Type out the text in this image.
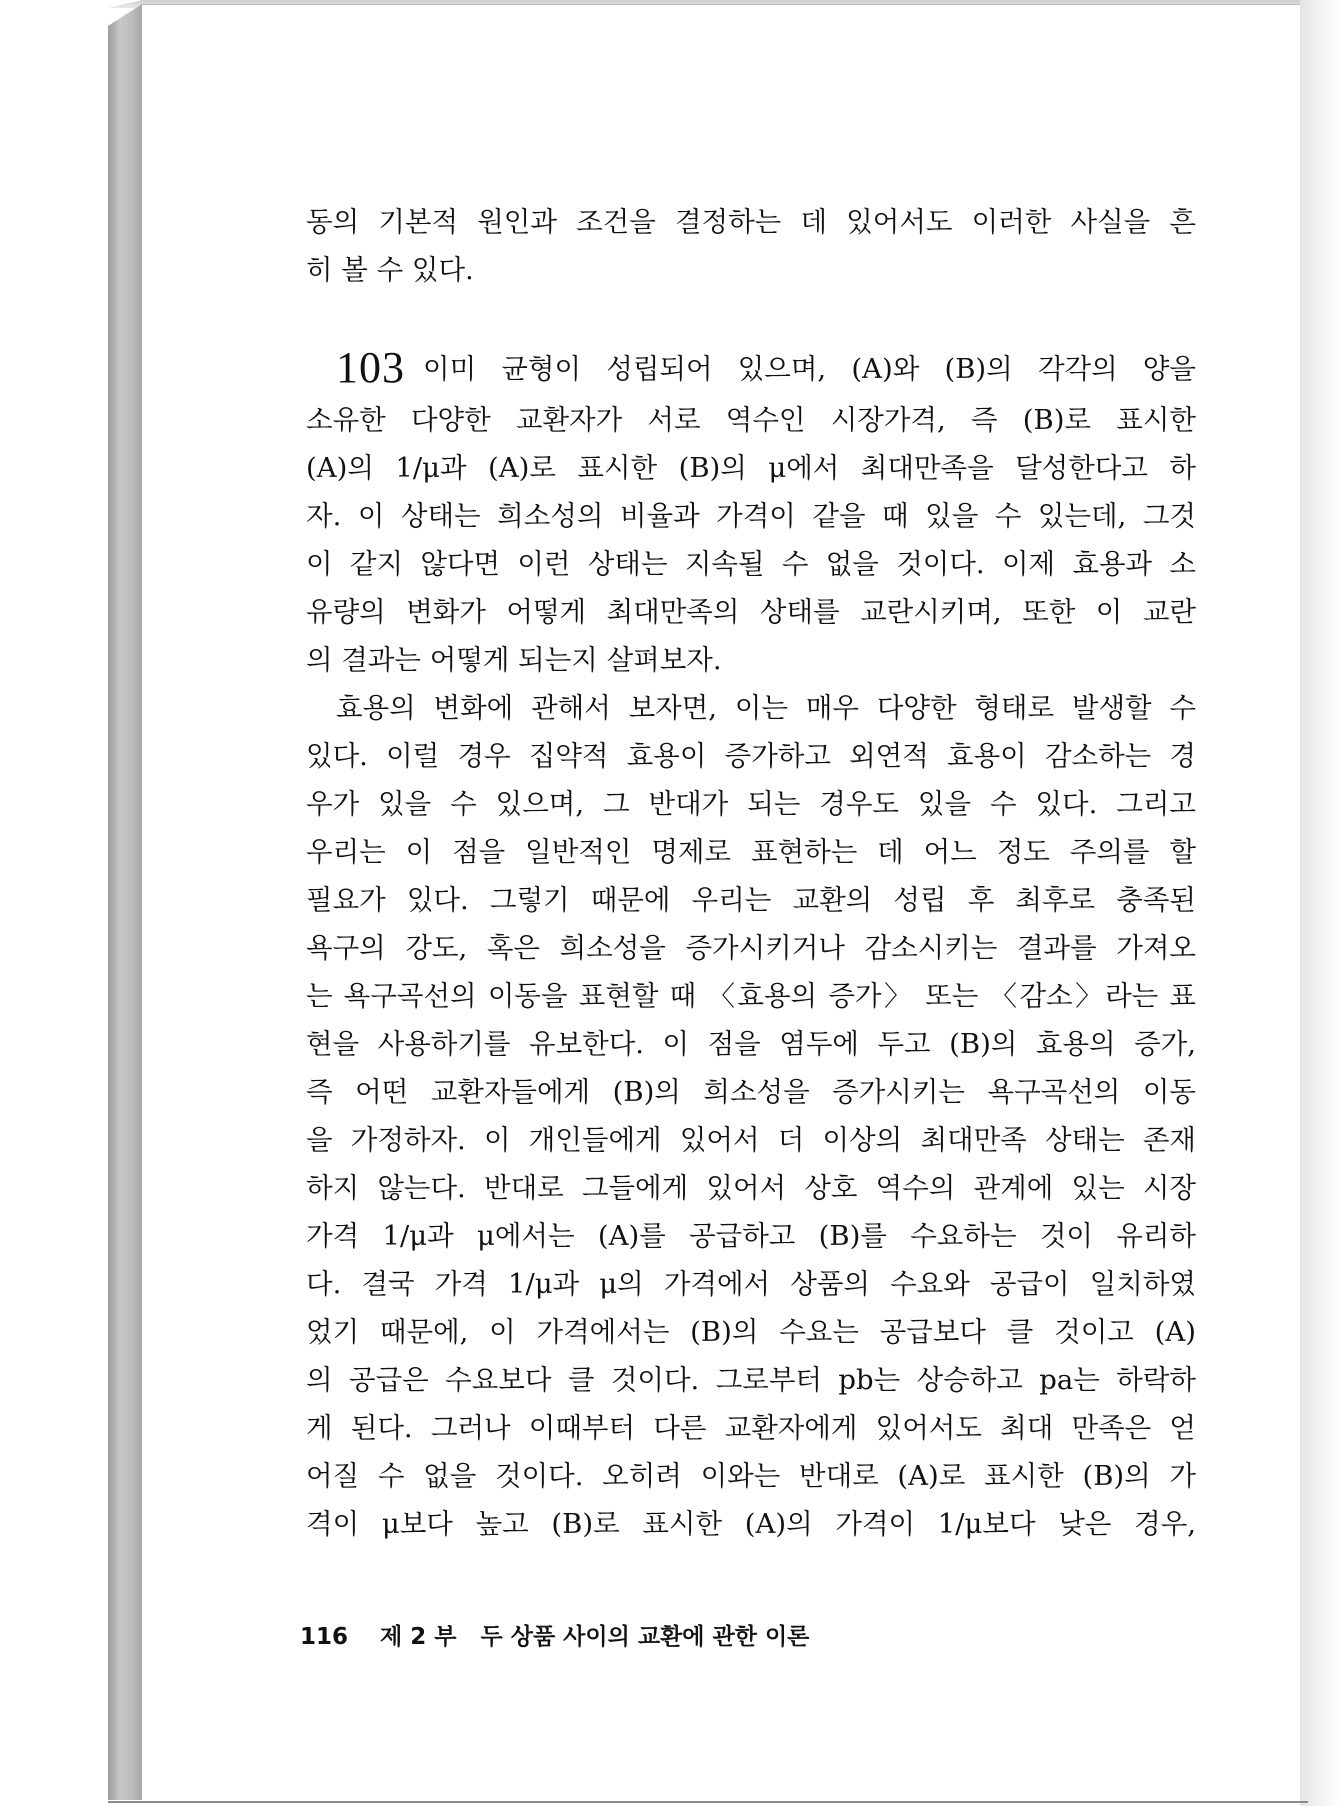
동의 기본적 원인과 조건을 결정하는 데 있어서도 이러한 사실을 흔
히 볼 수 있다.
103 이미 균형이 성립되어 있으며, (A)와 (B)의 각각의 양을
소유한 다양한 교환자가 서로 역수인 시장가격, 즉 (B)로 표시한
(A)의 1/μ과 (A)로 표시한 (B)의 μ에서 최대만족을 달성한다고 하
자. 이 상태는 희소성의 비율과 가격이 같을 때 있을 수 있는데, 그것
이 같지 않다면 이런 상태는 지속될 수 없을 것이다. 이제 효용과 소
유량의 변화가 어떻게 최대만족의 상태를 교란시키며, 또한 이 교란
의 결과는 어떻게 되는지 살펴보자.
효용의 변화에 관해서 보자면, 이는 매우 다양한 형태로 발생할 수
있다. 이럴 경우 집약적 효용이 증가하고 외연적 효용이 감소하는 경
우가 있을 수 있으며, 그 반대가 되는 경우도 있을 수 있다. 그리고
우리는 이 점을 일반적인 명제로 표현하는 데 어느 정도 주의를 할
필요가 있다. 그렇기 때문에 우리는 교환의 성립 후 최후로 충족된
욕구의 강도, 혹은 희소성을 증가시키거나 감소시키는 결과를 가져오
는 욕구곡선의 이동을 표현할 때 〈효용의 증가〉 또는 〈감소〉라는 표
현을 사용하기를 유보한다. 이 점을 염두에 두고 (B)의 효용의 증가,
즉 어떤 교환자들에게 (B)의 희소성을 증가시키는 욕구곡선의 이동
을 가정하자. 이 개인들에게 있어서 더 이상의 최대만족 상태는 존재
하지 않는다. 반대로 그들에게 있어서 상호 역수의 관계에 있는 시장
가격 1/μ과 μ에서는 (A)를 공급하고 (B)를 수요하는 것이 유리하
다. 결국 가격 1/μ과 μ의 가격에서 상품의 수요와 공급이 일치하였
었기 때문에, 이 가격에서는 (B)의 수요는 공급보다 클 것이고 (A)
의 공급은 수요보다 클 것이다. 그로부터 pb는 상승하고 pa는 하락하
게 된다. 그러나 이때부터 다른 교환자에게 있어서도 최대 만족은 얻
어질 수 없을 것이다. 오히려 이와는 반대로 (A)로 표시한 (B)의 가
격이 μ보다 높고 (B)로 표시한 (A)의 가격이 1/μ보다 낮은 경우,
116 제 2 부 두 상품 사이의 교환에 관한 이론
